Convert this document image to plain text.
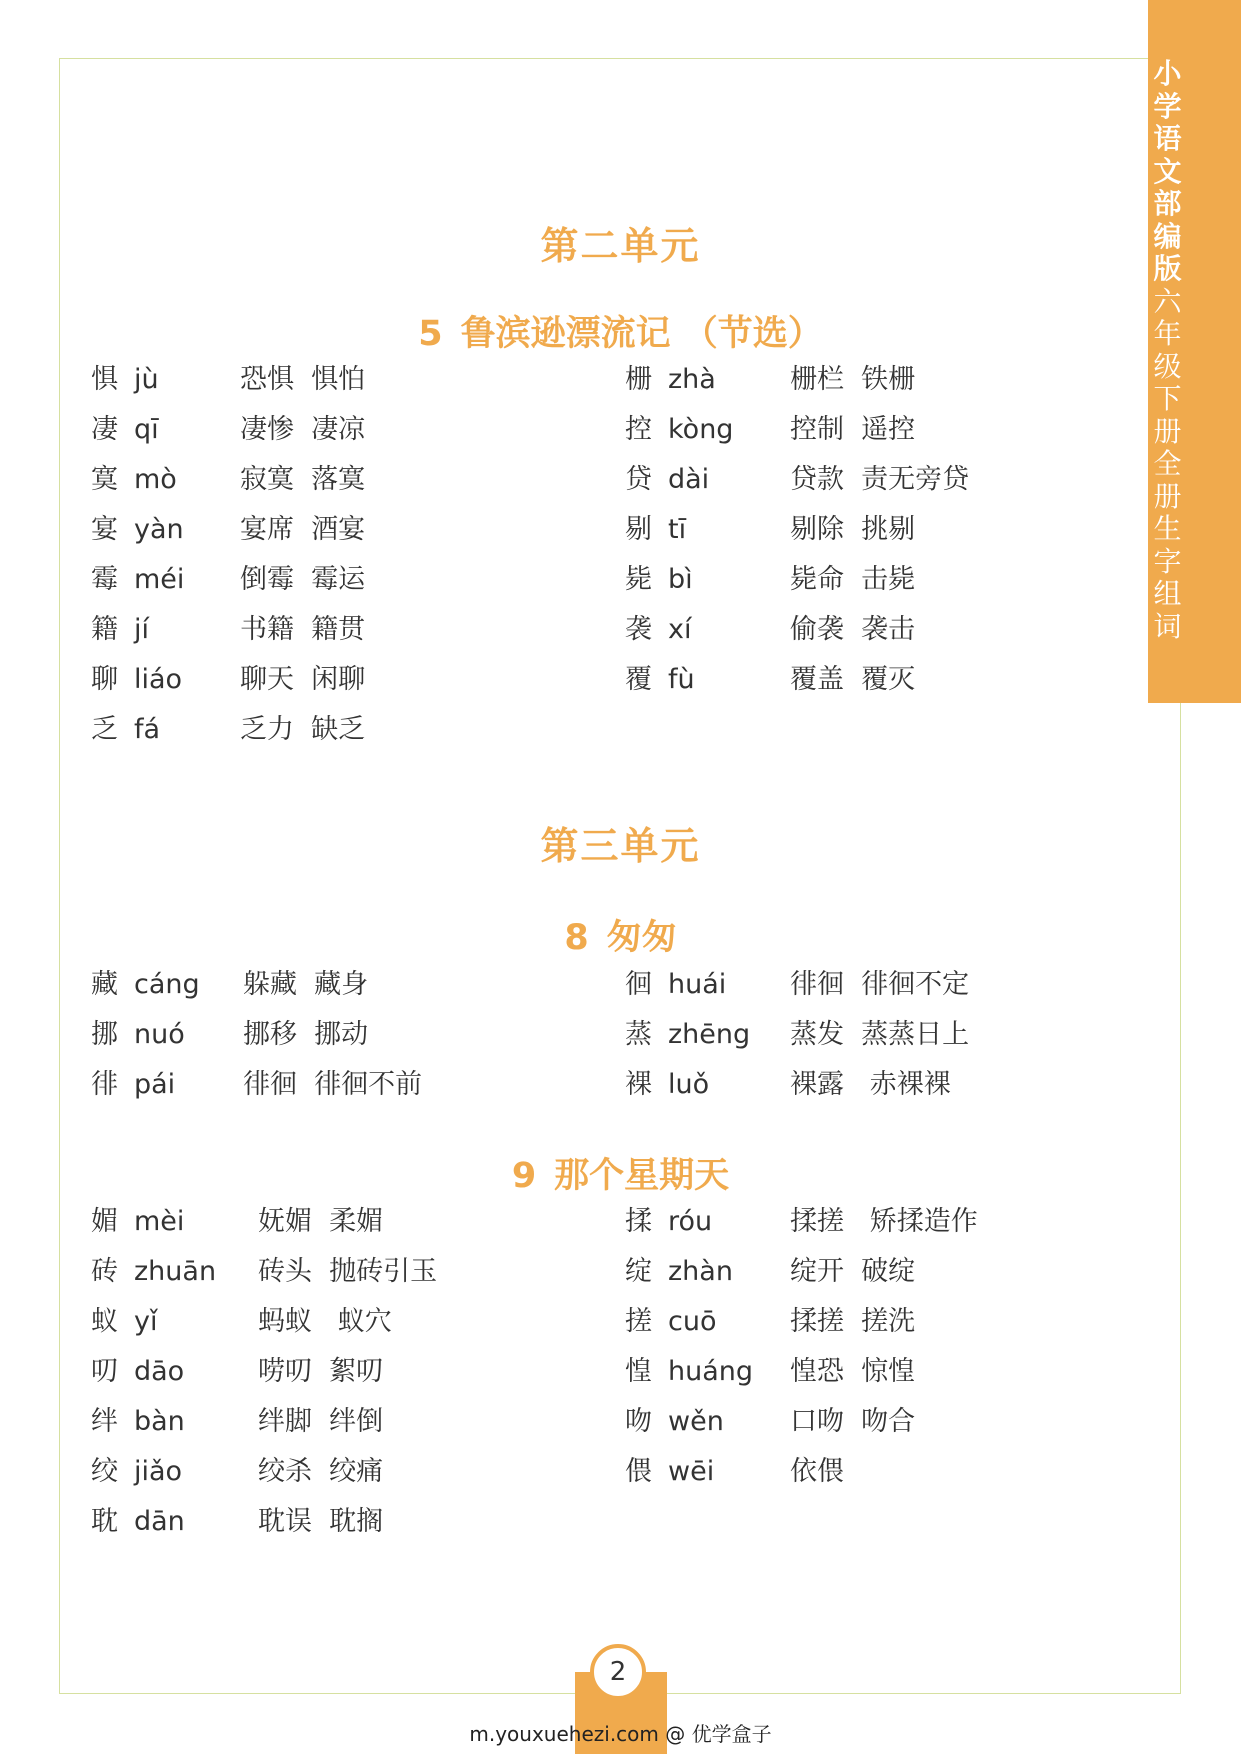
小
学
语
文
部
编
版
六
年
级
下
册
全
册
生
字
组
词
第二单元
5 鲁滨逊漂流记 （节选）
第三单元
8 匆匆
9 那个星期天
惧 jù	恐惧  惧怕
凄 qī	凄惨  凄凉
寞 mò 寂寞  落寞
宴 yàn 宴席  酒宴
霉 méi 倒霉  霉运
籍 jí	书籍  籍贯
聊 liáo 聊天  闲聊
乏 fá	乏力  缺乏
栅 zhà	栅栏  铁栅
控 kòng 控制  遥控
贷 dài	贷款  责无旁贷
剔 tī	剔除  挑剔
毙 bì	毙命  击毙
袭 xí	偷袭  袭击
覆 fù	覆盖  覆灭
藏 cáng 躲藏  藏身
挪 nuó 挪移  挪动
徘 pái	徘徊  徘徊不前
徊 huái 徘徊  徘徊不定
蒸 zhēng 蒸发  蒸蒸日上
裸 luǒ	裸露   赤裸裸
媚 mèi	妩媚  柔媚
砖 zhuān 砖头  抛砖引玉
蚁 yǐ	蚂蚁   蚁穴
叨 dāo	唠叨  絮叨
绊 bàn	绊脚  绊倒
绞 jiǎo	绞杀  绞痛
耽 dān	耽误  耽搁
揉 róu	揉搓   矫揉造作
绽 zhàn 绽开  破绽
搓 cuō	揉搓  搓洗
惶 huáng 惶恐  惊惶
吻 wěn 口吻  吻合
偎 wēi	依偎
2
m.youxuehezi.com @ 优学盒子
